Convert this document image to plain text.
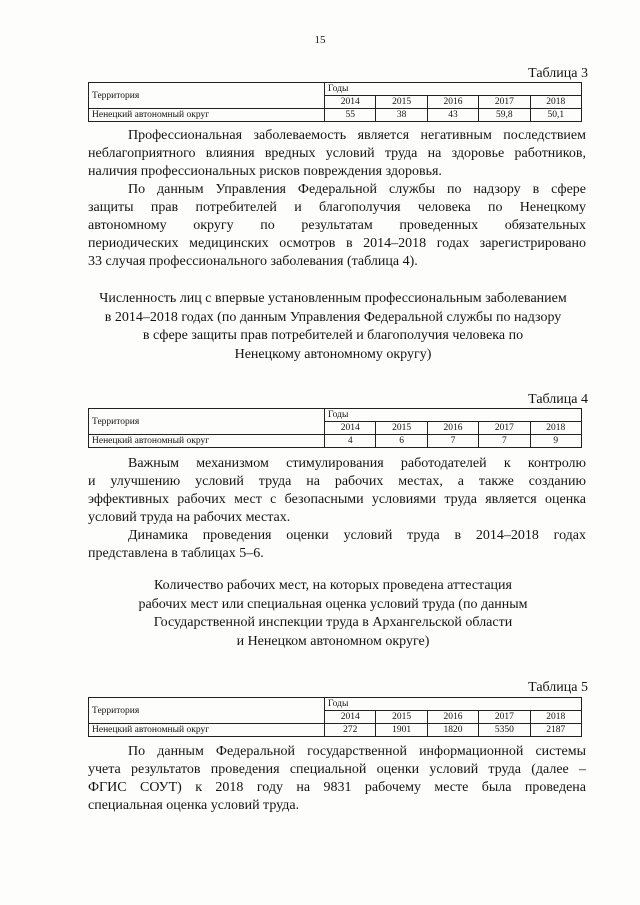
15
Таблица 3
Территория	Годы				
	2014	2015	2016	2017	2018
Ненецкий автономный округ	55	38	43	59,8	50,1
Профессиональная заболеваемость является негативным последствием
неблагоприятного влияния вредных условий труда на здоровье работников,
наличия профессиональных рисков повреждения здоровья.
По данным Управления Федеральной службы по надзору в сфере
защиты прав потребителей и благополучия человека по Ненецкому
автономному округу по результатам проведенных обязательных
периодических медицинских осмотров в 2014–2018 годах зарегистрировано
33 случая профессионального заболевания (таблица 4).
Численность лиц с впервые установленным профессиональным заболеванием
в 2014–2018 годах (по данным Управления Федеральной службы по надзору
в сфере защиты прав потребителей и благополучия человека по
Ненецкому автономному округу)
Таблица 4
Территория	Годы				
	2014	2015	2016	2017	2018
Ненецкий автономный округ	4	6	7	7	9
Важным механизмом стимулирования работодателей к контролю
и улучшению условий труда на рабочих местах, а также созданию
эффективных рабочих мест с безопасными условиями труда является оценка
условий труда на рабочих местах.
Динамика проведения оценки условий труда в 2014–2018 годах
представлена в таблицах 5–6.
Количество рабочих мест, на которых проведена аттестация
рабочих мест или специальная оценка условий труда (по данным
Государственной инспекции труда в Архангельской области
и Ненецком автономном округе)
Таблица 5
Территория	Годы				
	2014	2015	2016	2017	2018
Ненецкий автономный округ	272	1901	1820	5350	2187
По данным Федеральной государственной информационной системы
учета результатов проведения специальной оценки условий труда (далее –
ФГИС СОУТ) к 2018 году на 9831 рабочему месте была проведена
специальная оценка условий труда.
